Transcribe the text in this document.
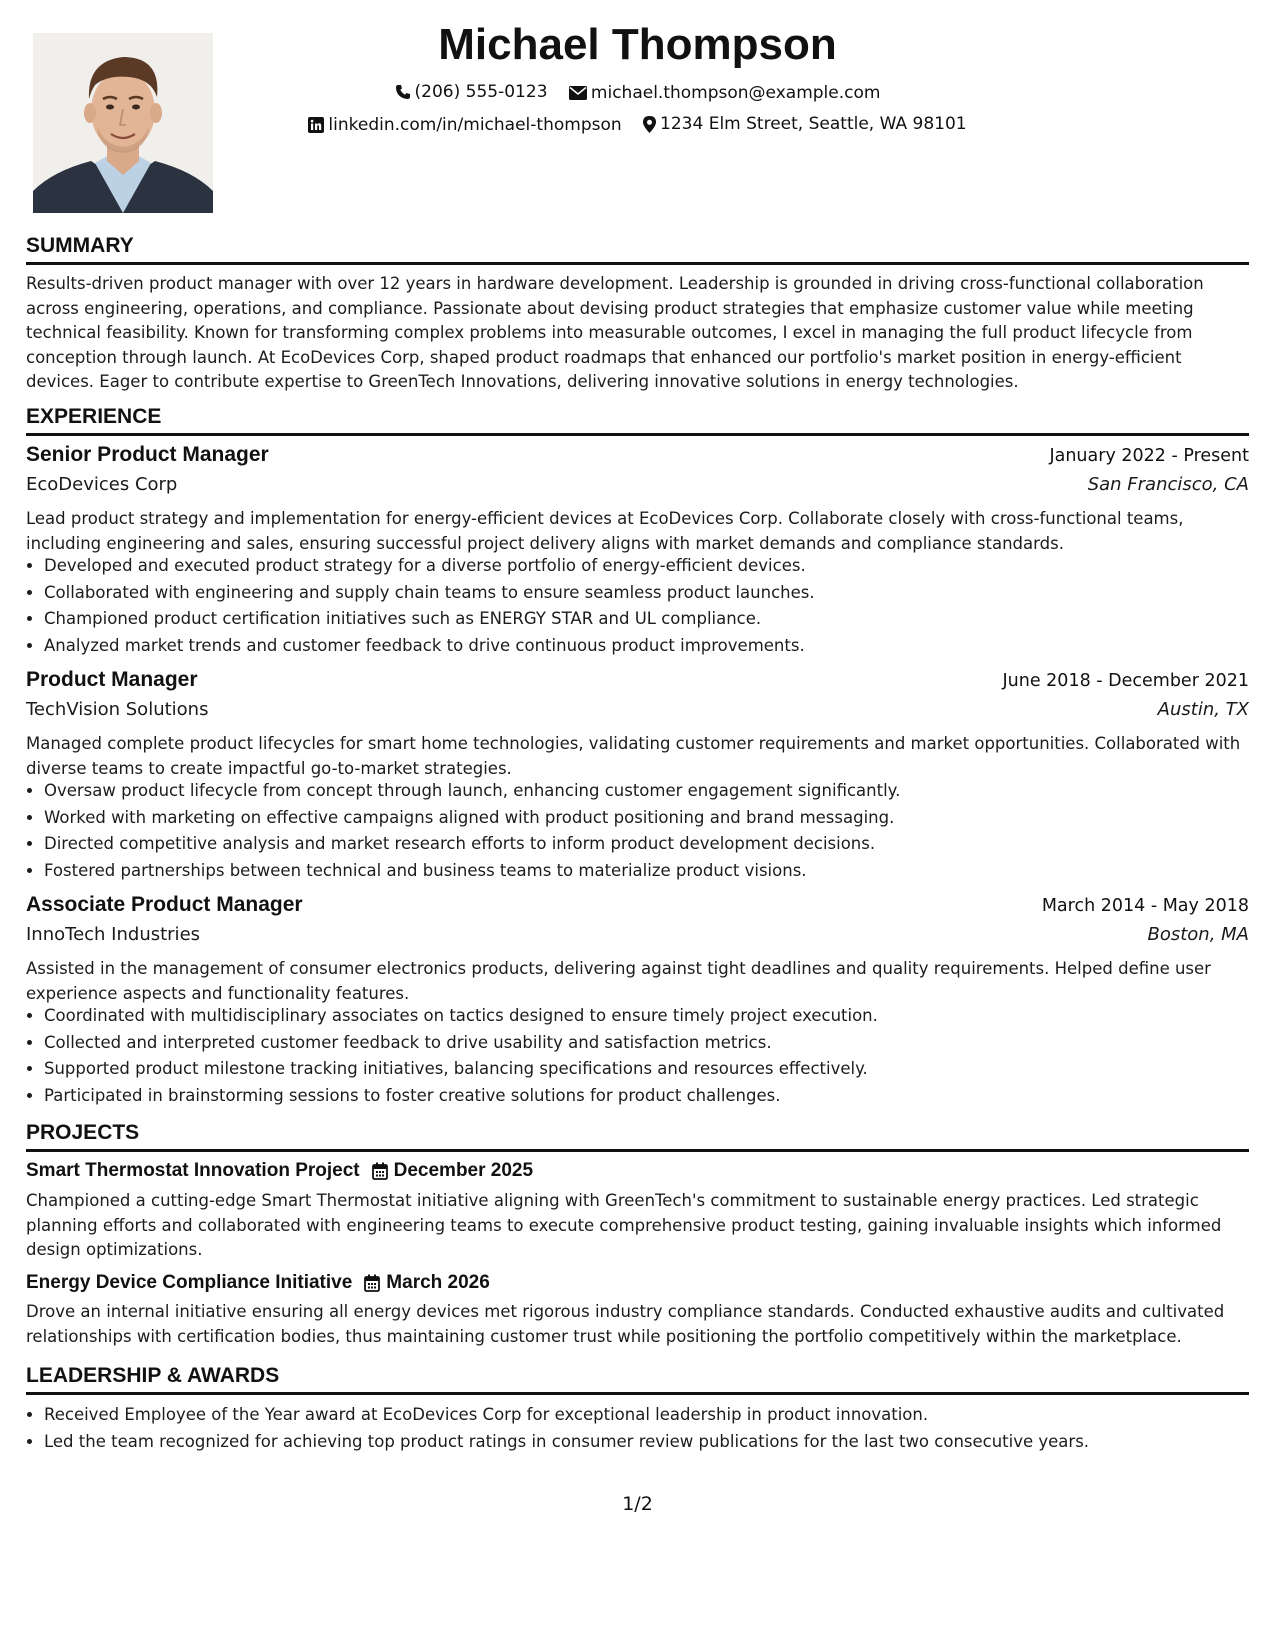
Michael Thompson
(206) 555-0123
	michael.thompson@example.com
linkedin.com/in/michael-thompson
1234 Elm Street, Seattle, WA 98101
SUMMARY
Results-driven product manager with over 12 years in hardware development. Leadership is grounded in driving cross-functional collaboration across engineering, operations, and compliance. Passionate about devising product strategies that emphasize customer value while meeting technical feasibility. Known for transforming complex problems into measurable outcomes, I excel in managing the full product lifecycle from conception through launch. At EcoDevices Corp, shaped product roadmaps that enhanced our portfolio's market position in energy-efficient devices. Eager to contribute expertise to GreenTech Innovations, delivering innovative solutions in energy technologies.
EXPERIENCE
Senior Product Manager	January 2022 - Present
EcoDevices Corp	San Francisco, CA
Lead product strategy and implementation for energy-efficient devices at EcoDevices Corp. Collaborate closely with cross-functional teams, including engineering and sales, ensuring successful project delivery aligns with market demands and compliance standards.
• Developed and executed product strategy for a diverse portfolio of energy-efficient devices.
• Collaborated with engineering and supply chain teams to ensure seamless product launches.
• Championed product certification initiatives such as ENERGY STAR and UL compliance.
• Analyzed market trends and customer feedback to drive continuous product improvements.
Product Manager	June 2018 - December 2021
TechVision Solutions	Austin, TX
Managed complete product lifecycles for smart home technologies, validating customer requirements and market opportunities. Collaborated with diverse teams to create impactful go-to-market strategies.
• Oversaw product lifecycle from concept through launch, enhancing customer engagement significantly.
• Worked with marketing on effective campaigns aligned with product positioning and brand messaging.
• Directed competitive analysis and market research efforts to inform product development decisions.
• Fostered partnerships between technical and business teams to materialize product visions.
Associate Product Manager	March 2014 - May 2018
InnoTech Industries	Boston, MA
Assisted in the management of consumer electronics products, delivering against tight deadlines and quality requirements. Helped define user experience aspects and functionality features.
• Coordinated with multidisciplinary associates on tactics designed to ensure timely project execution.
• Collected and interpreted customer feedback to drive usability and satisfaction metrics.
• Supported product milestone tracking initiatives, balancing specifications and resources effectively.
• Participated in brainstorming sessions to foster creative solutions for product challenges.
PROJECTS
Smart Thermostat Innovation Project December 2025
Championed a cutting-edge Smart Thermostat initiative aligning with GreenTech's commitment to sustainable energy practices. Led strategic planning efforts and collaborated with engineering teams to execute comprehensive product testing, gaining invaluable insights which informed design optimizations.
Energy Device Compliance Initiative March 2026
Drove an internal initiative ensuring all energy devices met rigorous industry compliance standards. Conducted exhaustive audits and cultivated relationships with certification bodies, thus maintaining customer trust while positioning the portfolio competitively within the marketplace.
LEADERSHIP & AWARDS
• Received Employee of the Year award at EcoDevices Corp for exceptional leadership in product innovation.
• Led the team recognized for achieving top product ratings in consumer review publications for the last two consecutive years.
1/2
